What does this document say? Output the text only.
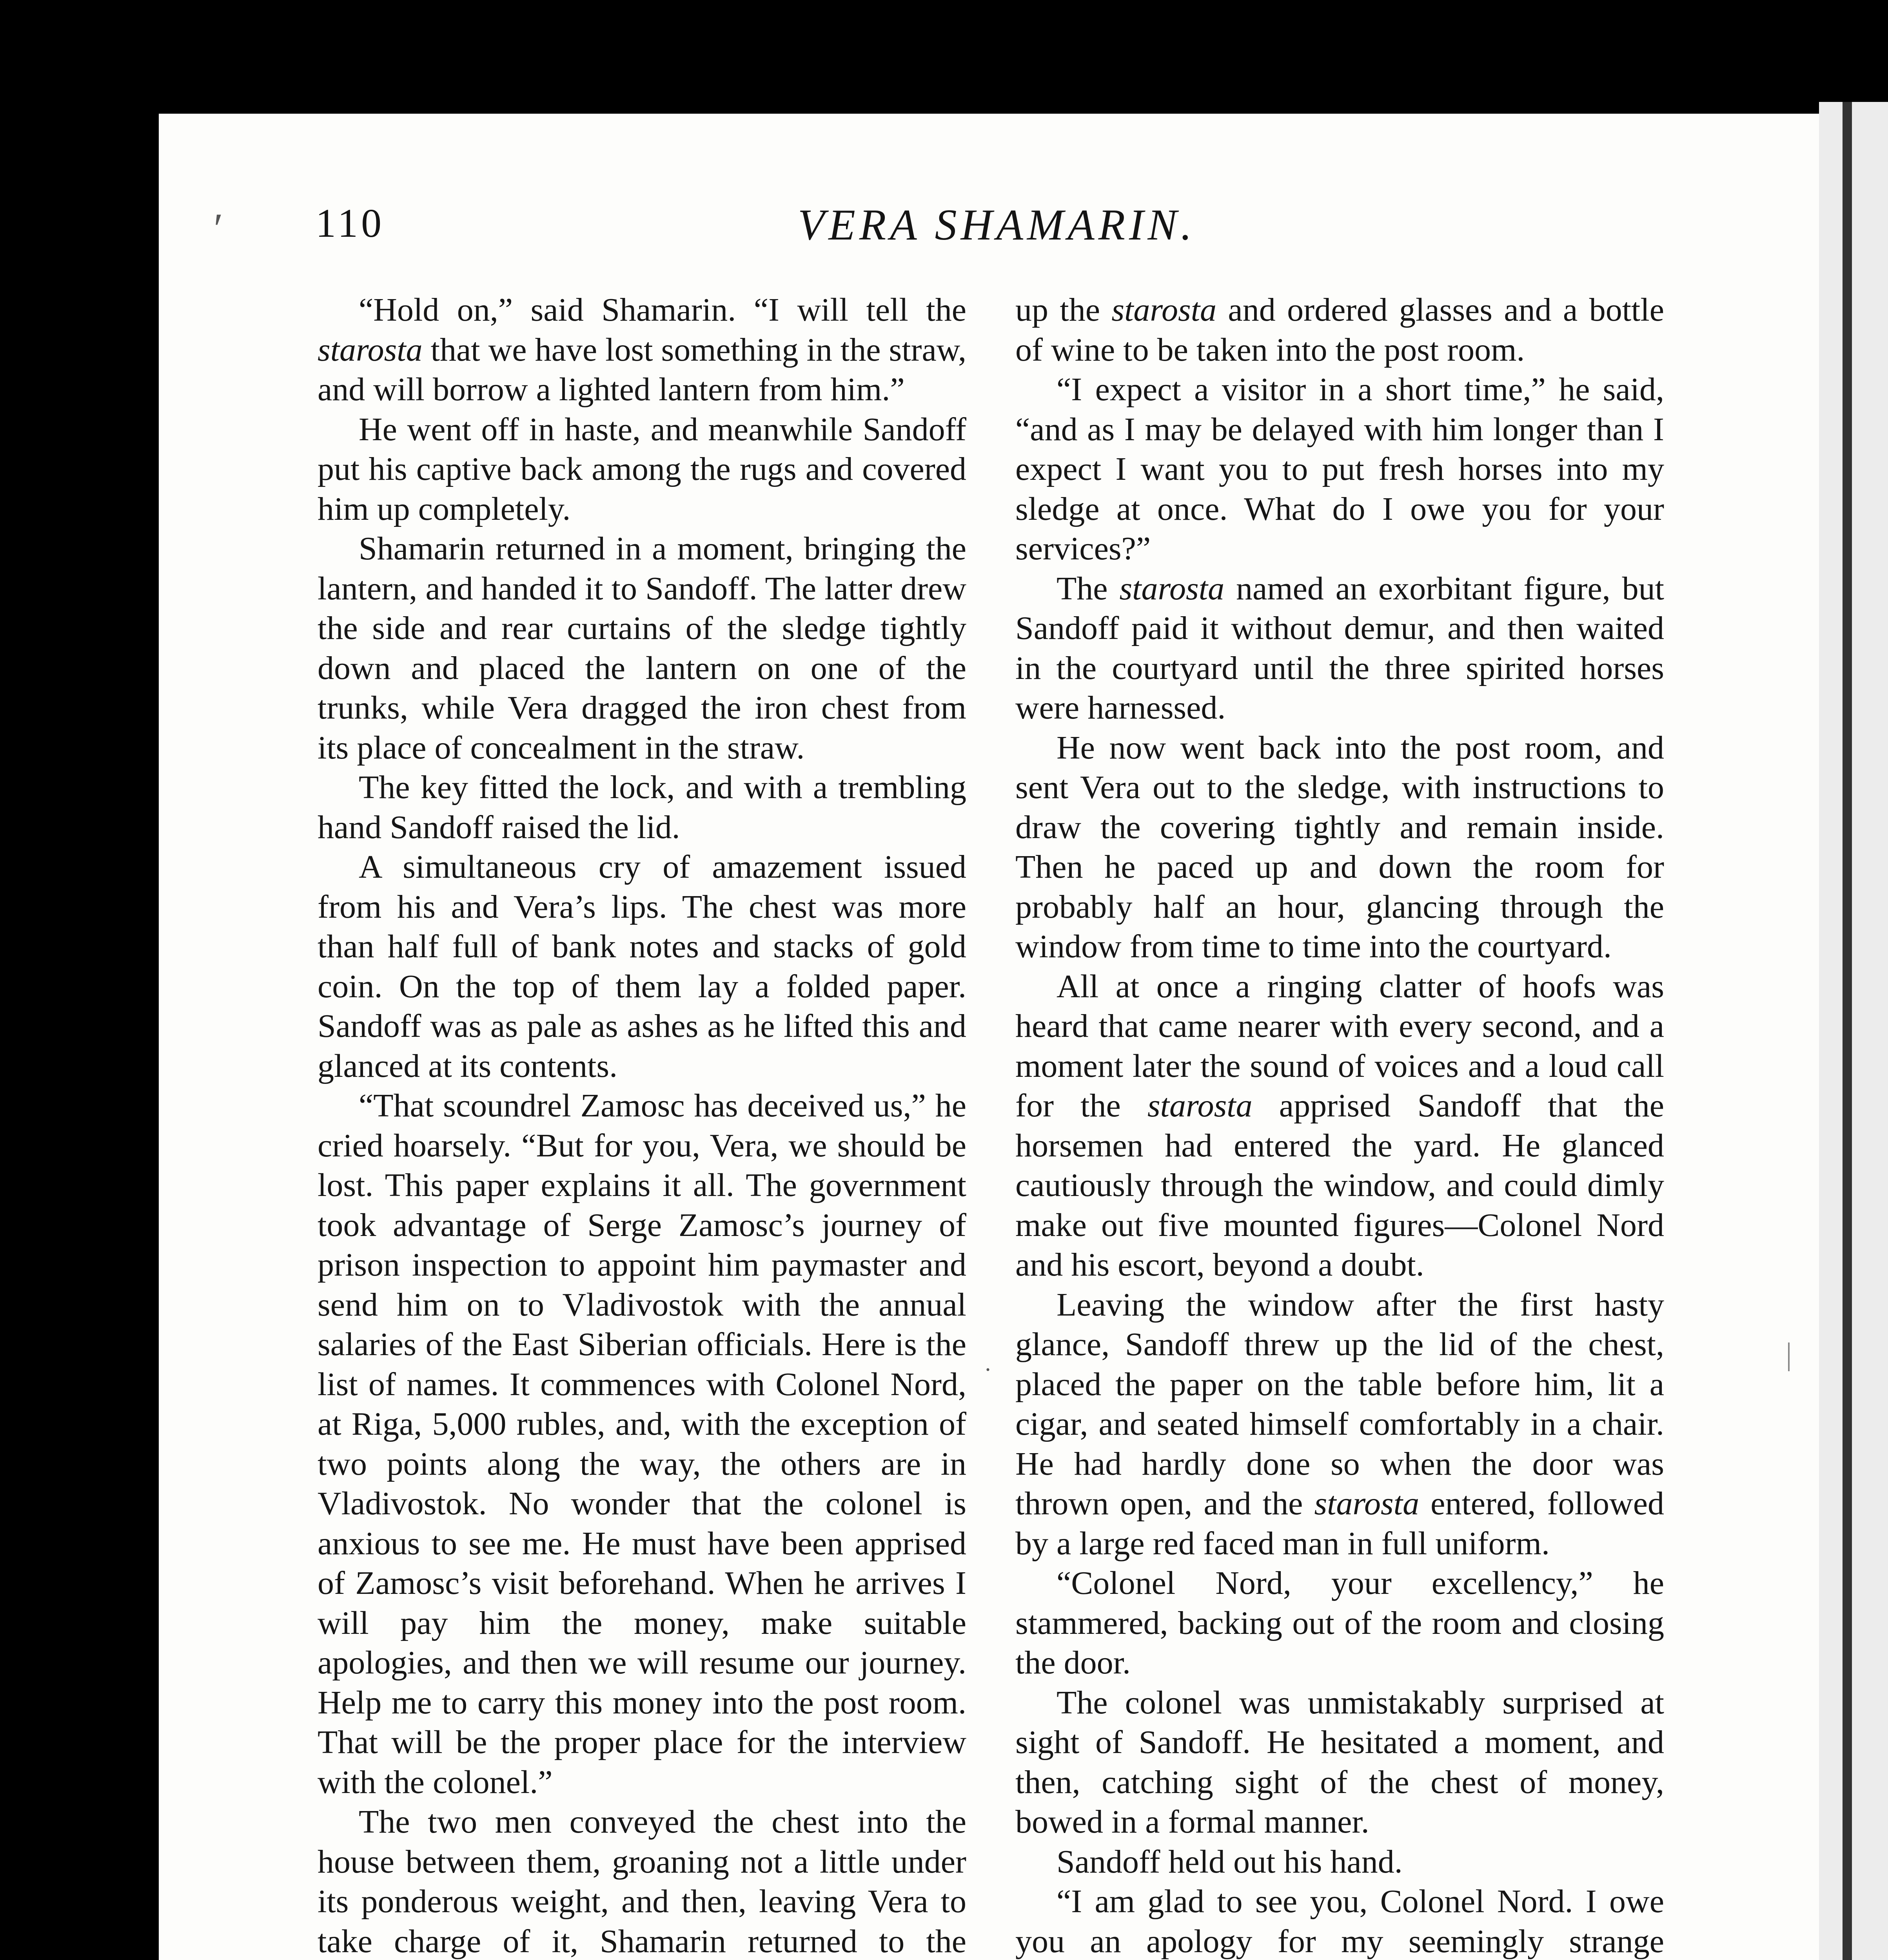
ʹ
·	|
110	VERA SHAMARIN.

“Hold on,” said Shamarin. “I will tell the starosta that we have lost something in the straw, and will borrow a lighted lantern from him.”

He went off in haste, and meanwhile Sandoff put his captive back among the rugs and covered him up completely.

Shamarin returned in a moment, bringing the lantern, and handed it to Sandoff. The latter drew the side and rear curtains of the sledge tightly down and placed the lantern on one of the trunks, while Vera dragged the iron chest from its place of concealment in the straw.

The key fitted the lock, and with a trembling hand Sandoff raised the lid.

A simultaneous cry of amazement issued from his and Vera’s lips. The chest was more than half full of bank notes and stacks of gold coin. On the top of them lay a folded paper. Sandoff was as pale as ashes as he lifted this and glanced at its contents.

“That scoundrel Zamosc has deceived us,” he cried hoarsely. “But for you, Vera, we should be lost. This paper explains it all. The government took advantage of Serge Zamosc’s journey of prison inspection to appoint him paymaster and send him on to Vladivostok with the annual salaries of the East Siberian officials. Here is the list of names. It commences with Colonel Nord, at Riga, 5,000 rubles, and, with the exception of two points along the way, the others are in Vladivostok. No wonder that the colonel is anxious to see me. He must have been apprised of Zamosc’s visit beforehand. When he arrives I will pay him the money, make suitable apologies, and then we will resume our journey. Help me to carry this money into the post room. That will be the proper place for the interview with the colonel.”

The two men conveyed the chest into the house between them, groaning not a little under its ponderous weight, and then, leaving Vera to take charge of it, Shamarin returned to the

up the starosta and ordered glasses and a bottle of wine to be taken into the post room.

“I expect a visitor in a short time,” he said, “and as I may be delayed with him longer than I expect I want you to put fresh horses into my sledge at once. What do I owe you for your services?”

The starosta named an exorbitant figure, but Sandoff paid it without demur, and then waited in the courtyard until the three spirited horses were harnessed.

He now went back into the post room, and sent Vera out to the sledge, with instructions to draw the covering tightly and remain inside. Then he paced up and down the room for probably half an hour, glancing through the window from time to time into the courtyard.

All at once a ringing clatter of hoofs was heard that came nearer with every second, and a moment later the sound of voices and a loud call for the starosta apprised Sandoff that the horsemen had entered the yard. He glanced cautiously through the window, and could dimly make out five mounted figures—Colonel Nord and his escort, beyond a doubt.

Leaving the window after the first hasty glance, Sandoff threw up the lid of the chest, placed the paper on the table before him, lit a cigar, and seated himself comfortably in a chair. He had hardly done so when the door was thrown open, and the starosta entered, followed by a large red faced man in full uniform.

“Colonel Nord, your excellency,” he stammered, backing out of the room and closing the door.

The colonel was unmistakably surprised at sight of Sandoff. He hesitated a moment, and then, catching sight of the chest of money, bowed in a formal manner.

Sandoff held out his hand.

“I am glad to see you, Colonel Nord. I owe you an apology for my seemingly strange
